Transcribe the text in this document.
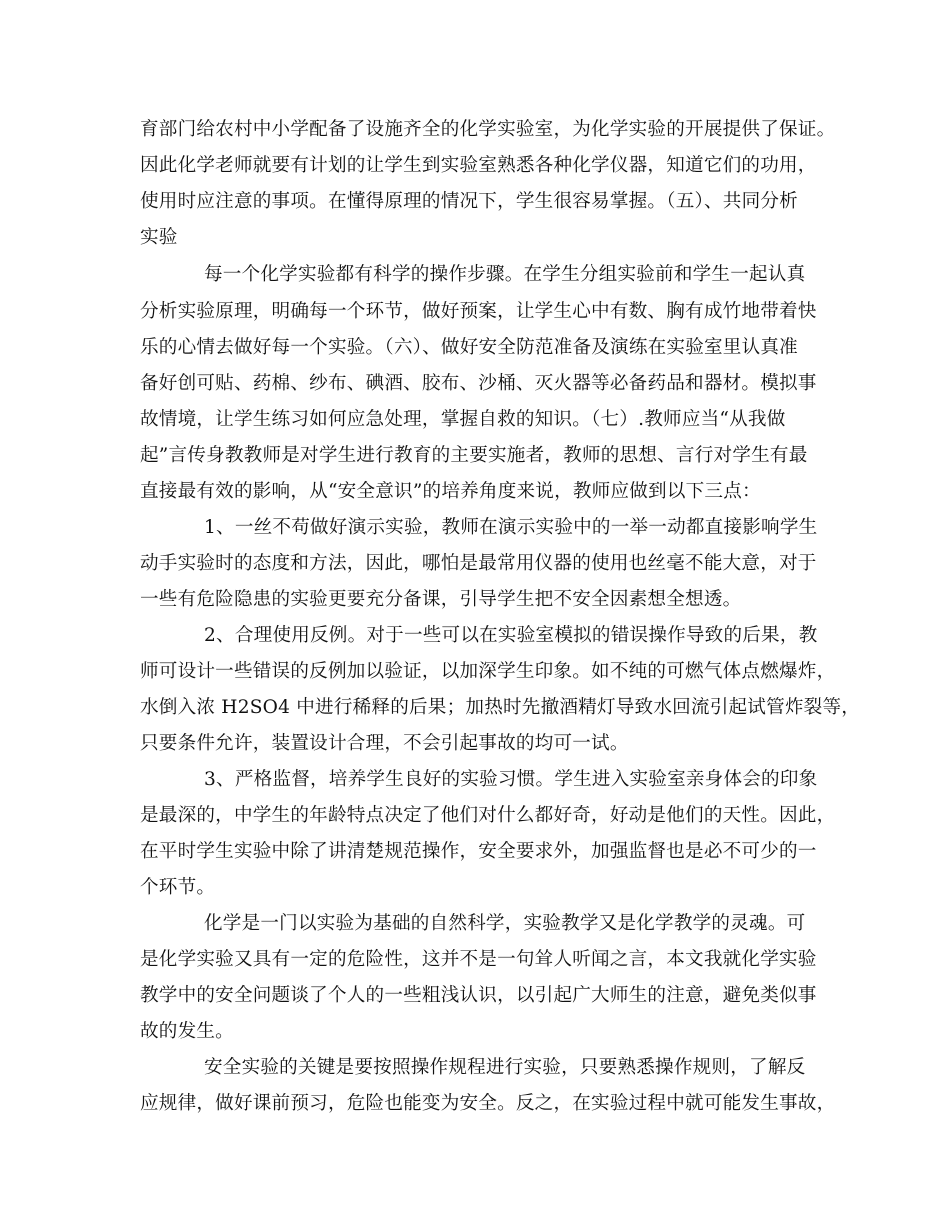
育部门给农村中小学配备了设施齐全的化学实验室，为化学实验的开展提供了保证。
因此化学老师就要有计划的让学生到实验室熟悉各种化学仪器，知道它们的功用，
使用时应注意的事项。在懂得原理的情况下，学生很容易掌握。（五）、共同分析
实验
每一个化学实验都有科学的操作步骤。在学生分组实验前和学生一起认真
分析实验原理，明确每一个环节，做好预案，让学生心中有数、胸有成竹地带着快
乐的心情去做好每一个实验。（六）、做好安全防范准备及演练在实验室里认真准
备好创可贴、药棉、纱布、碘酒、胶布、沙桶、灭火器等必备药品和器材。模拟事
故情境，让学生练习如何应急处理，掌握自救的知识。（七）.教师应当“从我做
起”言传身教教师是对学生进行教育的主要实施者，教师的思想、言行对学生有最
直接最有效的影响，从“安全意识”的培养角度来说，教师应做到以下三点：
1、一丝不苟做好演示实验，教师在演示实验中的一举一动都直接影响学生
动手实验时的态度和方法，因此，哪怕是最常用仪器的使用也丝毫不能大意，对于
一些有危险隐患的实验更要充分备课，引导学生把不安全因素想全想透。
2、合理使用反例。对于一些可以在实验室模拟的错误操作导致的后果，教
师可设计一些错误的反例加以验证，以加深学生印象。如不纯的可燃气体点燃爆炸，
水倒入浓 H2SO4 中进行稀释的后果；加热时先撤酒精灯导致水回流引起试管炸裂等，
只要条件允许，装置设计合理，不会引起事故的均可一试。
3、严格监督，培养学生良好的实验习惯。学生进入实验室亲身体会的印象
是最深的，中学生的年龄特点决定了他们对什么都好奇，好动是他们的天性。因此，
在平时学生实验中除了讲清楚规范操作，安全要求外，加强监督也是必不可少的一
个环节。
化学是一门以实验为基础的自然科学，实验教学又是化学教学的灵魂。可
是化学实验又具有一定的危险性，这并不是一句耸人听闻之言，本文我就化学实验
教学中的安全问题谈了个人的一些粗浅认识，以引起广大师生的注意，避免类似事
故的发生。
安全实验的关键是要按照操作规程进行实验，只要熟悉操作规则，了解反
应规律，做好课前预习，危险也能变为安全。反之，在实验过程中就可能发生事故，
